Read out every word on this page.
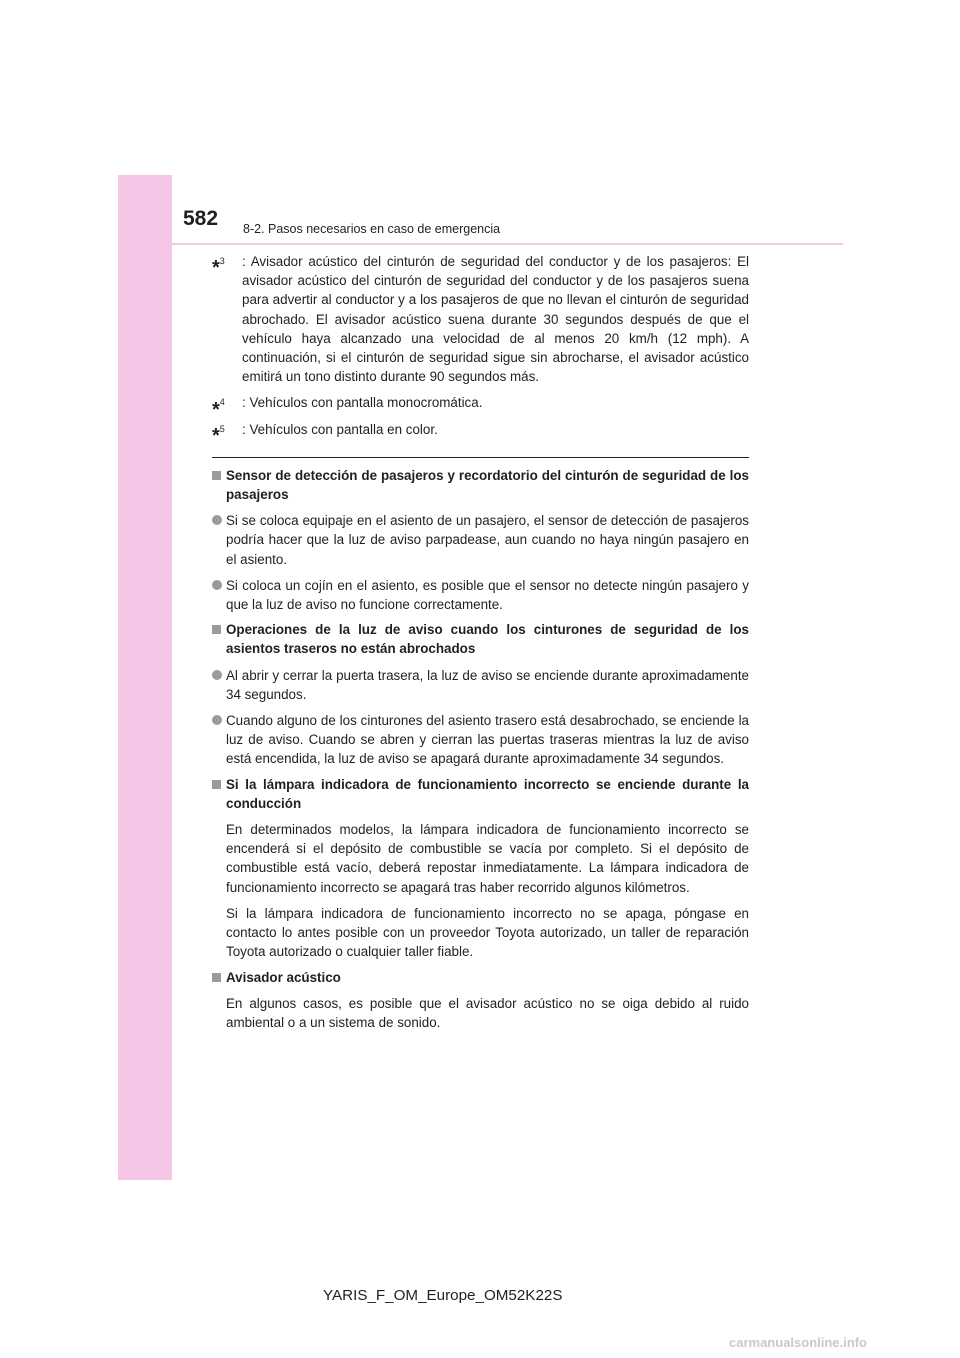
582 8-2. Pasos necesarios en caso de emergencia
*$^3$ : Avisador acústico del cinturón de seguridad del conductor y de los pasajeros: El avisador acústico del cinturón de seguridad del conductor y de los pasajeros suena para advertir al conductor y a los pasajeros de que no llevan el cinturón de seguridad abrochado. El avisador acústico suena durante 30 segundos después de que el vehículo haya alcanzado una velocidad de al menos 20 km/h (12 mph). A continuación, si el cinturón de seguridad sigue sin abrocharse, el avisador acústico emitirá un tono distinto durante 90 segundos más.

*$^4$ : Vehículos con pantalla monocromática.

*$^5$ : Vehículos con pantalla en color.

Sensor de detección de pasajeros y recordatorio del cinturón de seguridad de los pasajeros

Si se coloca equipaje en el asiento de un pasajero, el sensor de detección de pasajeros podría hacer que la luz de aviso parpadease, aun cuando no haya ningún pasajero en el asiento.

Si coloca un cojín en el asiento, es posible que el sensor no detecte ningún pasajero y que la luz de aviso no funcione correctamente.

Operaciones de la luz de aviso cuando los cinturones de seguridad de los asientos traseros no están abrochados

Al abrir y cerrar la puerta trasera, la luz de aviso se enciende durante aproximadamente 34 segundos.

Cuando alguno de los cinturones del asiento trasero está desabrochado, se enciende la luz de aviso. Cuando se abren y cierran las puertas traseras mientras la luz de aviso está encendida, la luz de aviso se apagará durante aproximadamente 34 segundos.

Si la lámpara indicadora de funcionamiento incorrecto se enciende durante la conducción

En determinados modelos, la lámpara indicadora de funcionamiento incorrecto se encenderá si el depósito de combustible se vacía por completo. Si el depósito de combustible está vacío, deberá repostar inmediatamente. La lámpara indicadora de funcionamiento incorrecto se apagará tras haber recorrido algunos kilómetros.

Si la lámpara indicadora de funcionamiento incorrecto no se apaga, póngase en contacto lo antes posible con un proveedor Toyota autorizado, un taller de reparación Toyota autorizado o cualquier taller fiable.

Avisador acústico

En algunos casos, es posible que el avisador acústico no se oiga debido al ruido ambiental o a un sistema de sonido.

YARIS_F_OM_Europe_OM52K22S
carmanualsonline.info
